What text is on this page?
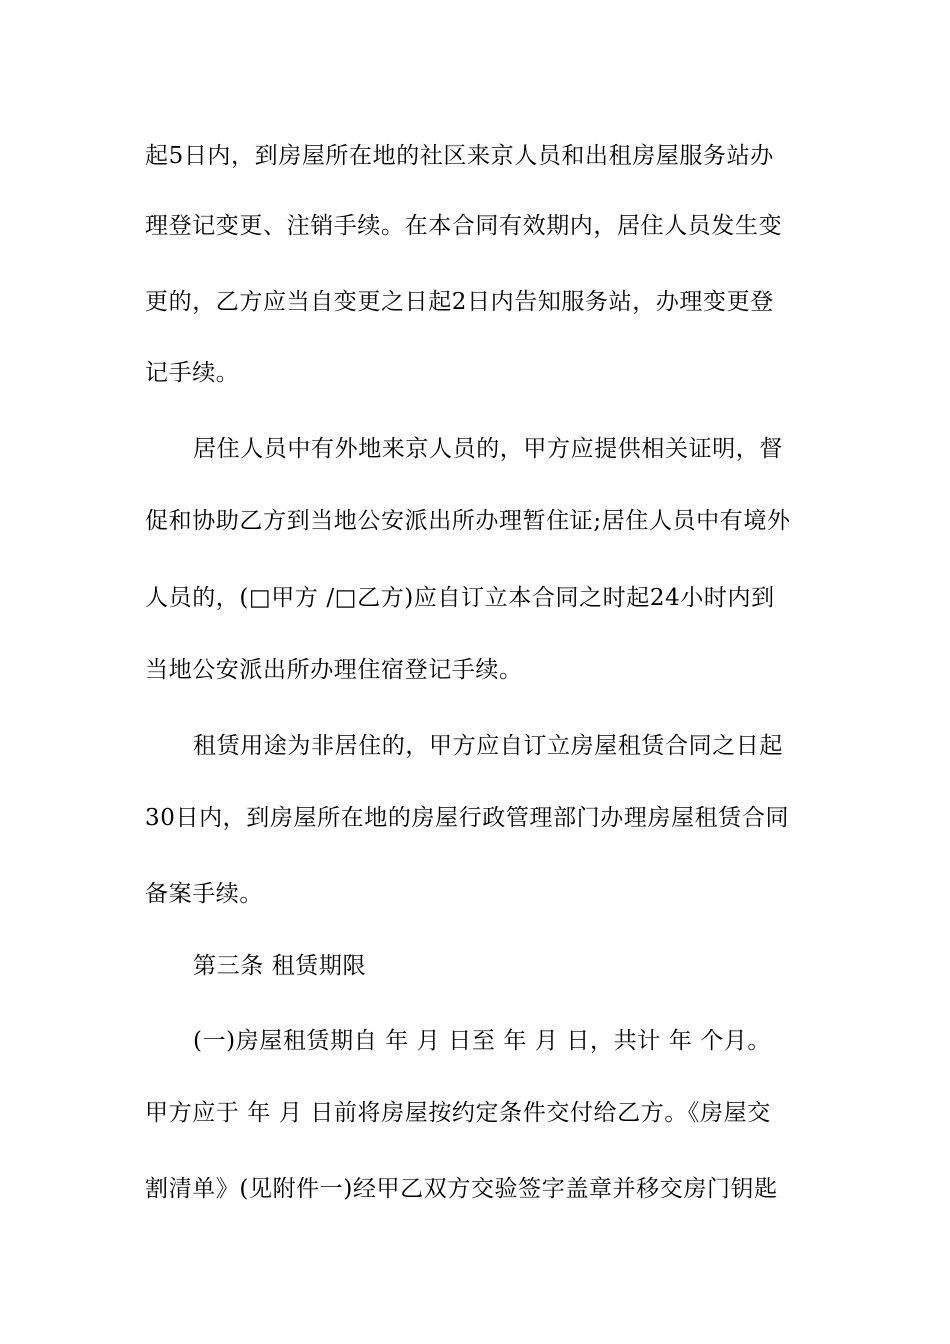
起5日内，到房屋所在地的社区来京人员和出租房屋服务站办
理登记变更、注销手续。在本合同有效期内，居住人员发生变
更的，乙方应当自变更之日起2日内告知服务站，办理变更登
记手续。
居住人员中有外地来京人员的，甲方应提供相关证明，督
促和协助乙方到当地公安派出所办理暂住证;居住人员中有境外
人员的，(□甲方 /□乙方)应自订立本合同之时起24小时内到
当地公安派出所办理住宿登记手续。
租赁用途为非居住的，甲方应自订立房屋租赁合同之日起
30日内，到房屋所在地的房屋行政管理部门办理房屋租赁合同
备案手续。
第三条 租赁期限
(一)房屋租赁期自 年 月 日至 年 月 日，共计 年 个月。
甲方应于 年 月 日前将房屋按约定条件交付给乙方。《房屋交
割清单》(见附件一)经甲乙双方交验签字盖章并移交房门钥匙
